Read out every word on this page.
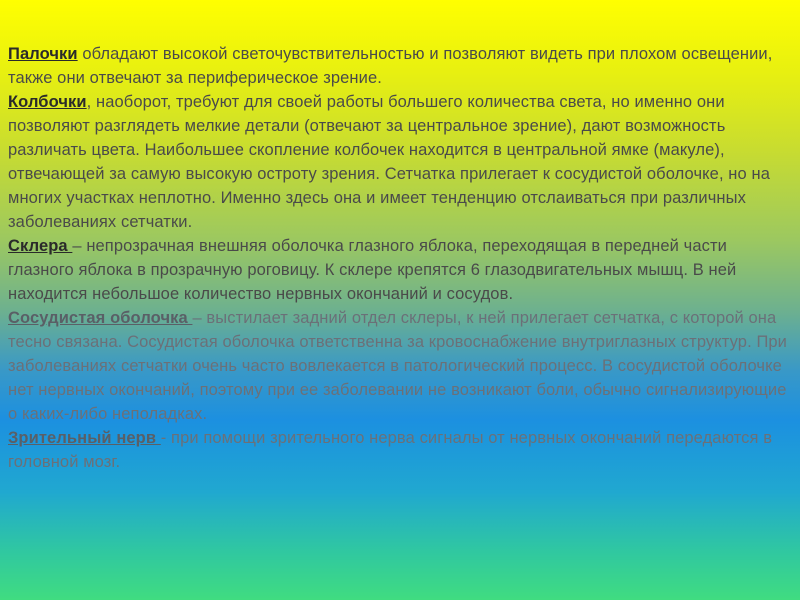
Палочки обладают высокой светочувствительностью и позволяют видеть при плохом освещении, также они отвечают за периферическое зрение.

Колбочки, наоборот, требуют для своей работы большего количества света, но именно они позволяют разглядеть мелкие детали (отвечают за центральное зрение), дают возможность различать цвета. Наибольшее скопление колбочек находится в центральной ямке (макуле), отвечающей за самую высокую остроту зрения. Сетчатка прилегает к сосудистой оболочке, но на многих участках неплотно. Именно здесь она и имеет тенденцию отслаиваться при различных заболеваниях сетчатки.

Склера – непрозрачная внешняя оболочка глазного яблока, переходящая в передней части глазного яблока в прозрачную роговицу. К склере крепятся 6 глазодвигательных мышц. В ней находится небольшое количество нервных окончаний и сосудов.

Сосудистая оболочка – выстилает задний отдел склеры, к ней прилегает сетчатка, с которой она тесно связана. Сосудистая оболочка ответственна за кровоснабжение внутриглазных структур. При заболеваниях сетчатки очень часто вовлекается в патологический процесс. В сосудистой оболочке нет нервных окончаний, поэтому при ее заболевании не возникают боли, обычно сигнализирующие о каких-либо неполадках.

Зрительный нерв - при помощи зрительного нерва сигналы от нервных окончаний передаются в головной мозг.
